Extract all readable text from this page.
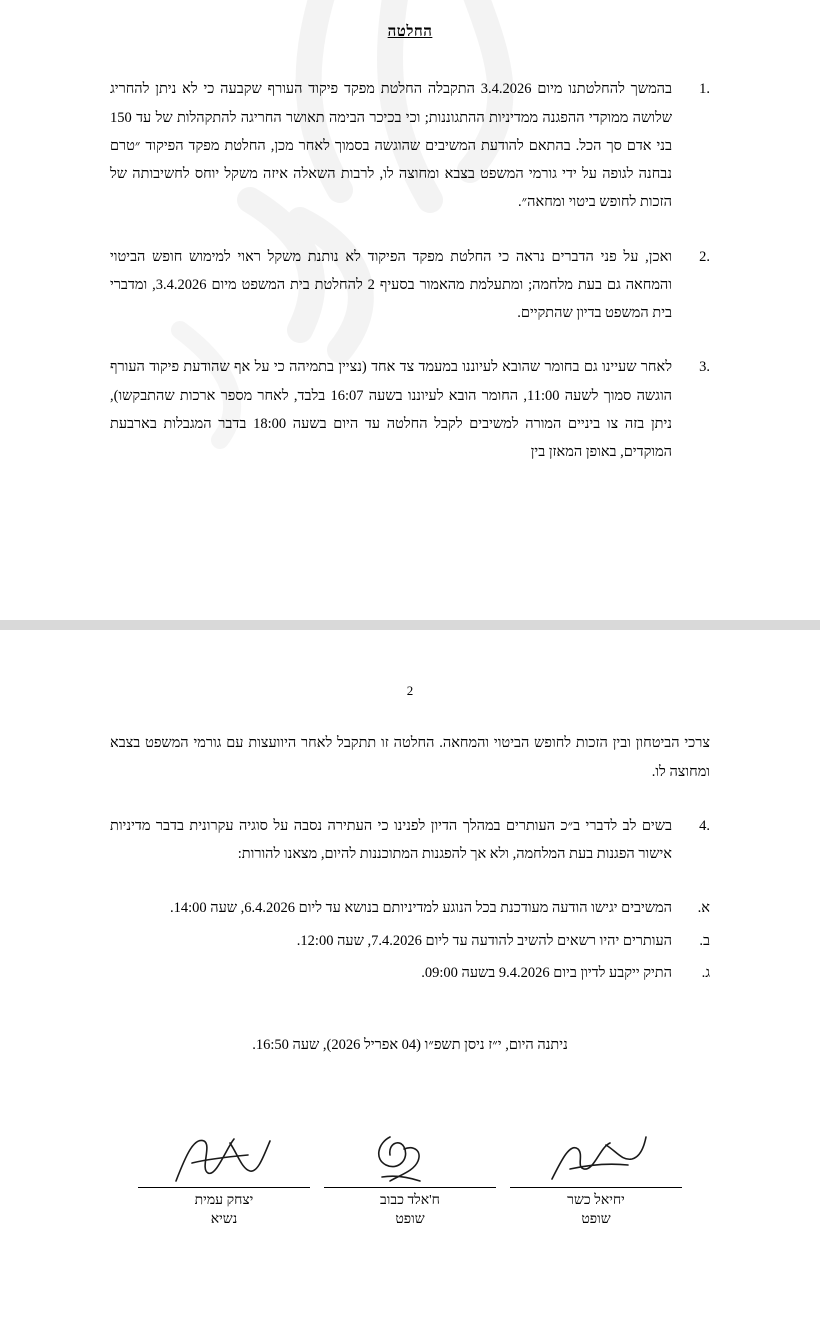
החלטה
1.
בהמשך להחלטתנו מיום 3.4.2026 התקבלה החלטת מפקד פיקוד העורף שקבעה כי לא ניתן להחריג שלושה ממוקדי ההפגנה ממדיניות ההתגוננות; וכי בכיכר הבימה תאושר החריגה להתקהלות של עד 150 בני אדם סך הכל. בהתאם להודעת המשיבים שהוגשה בסמוך לאחר מכן, החלטת מפקד הפיקוד ״טרם נבחנה לגופה על ידי גורמי המשפט בצבא ומחוצה לו, לרבות השאלה איזה משקל יוחס לחשיבותה של הזכות לחופש ביטוי ומחאה״.
2.
ואכן, על פני הדברים נראה כי החלטת מפקד הפיקוד לא נותנת משקל ראוי למימוש חופש הביטוי והמחאה גם בעת מלחמה; ומתעלמת מהאמור בסעיף 2 להחלטת בית המשפט מיום 3.4.2026, ומדברי בית המשפט בדיון שהתקיים.
3.
לאחר שעיינו גם בחומר שהובא לעיוננו במעמד צד אחד (נציין בתמיהה כי על אף שהודעת פיקוד העורף הוגשה סמוך לשעה 11:00, החומר הובא לעיוננו בשעה 16:07 בלבד, לאחר מספר ארכות שהתבקשו), ניתן בזה צו ביניים המורה למשיבים לקבל החלטה עד היום בשעה 18:00 בדבר המגבלות בארבעת המוקדים, באופן המאזן בין
2
צרכי הביטחון ובין הזכות לחופש הביטוי והמחאה. החלטה זו תתקבל לאחר היוועצות עם גורמי המשפט בצבא ומחוצה לו.
4.
בשים לב לדברי ב״כ העותרים במהלך הדיון לפנינו כי העתירה נסבה על סוגיה עקרונית בדבר מדיניות אישור הפגנות בעת המלחמה, ולא אך להפגנות המתוכננות להיום, מצאנו להורות:
א.
המשיבים יגישו הודעה מעודכנת בכל הנוגע למדיניותם בנושא עד ליום 6.4.2026, שעה 14:00.
ב.
העותרים יהיו רשאים להשיב להודעה עד ליום 7.4.2026, שעה 12:00.
ג.
התיק ייקבע לדיון ביום 9.4.2026 בשעה 09:00.
ניתנה היום, י״ז ניסן תשפ״ו (04 אפריל 2026), שעה 16:50.
יצחק עמית
נשיא
ח'אלד כבוב
שופט
יחיאל כשר
שופט
